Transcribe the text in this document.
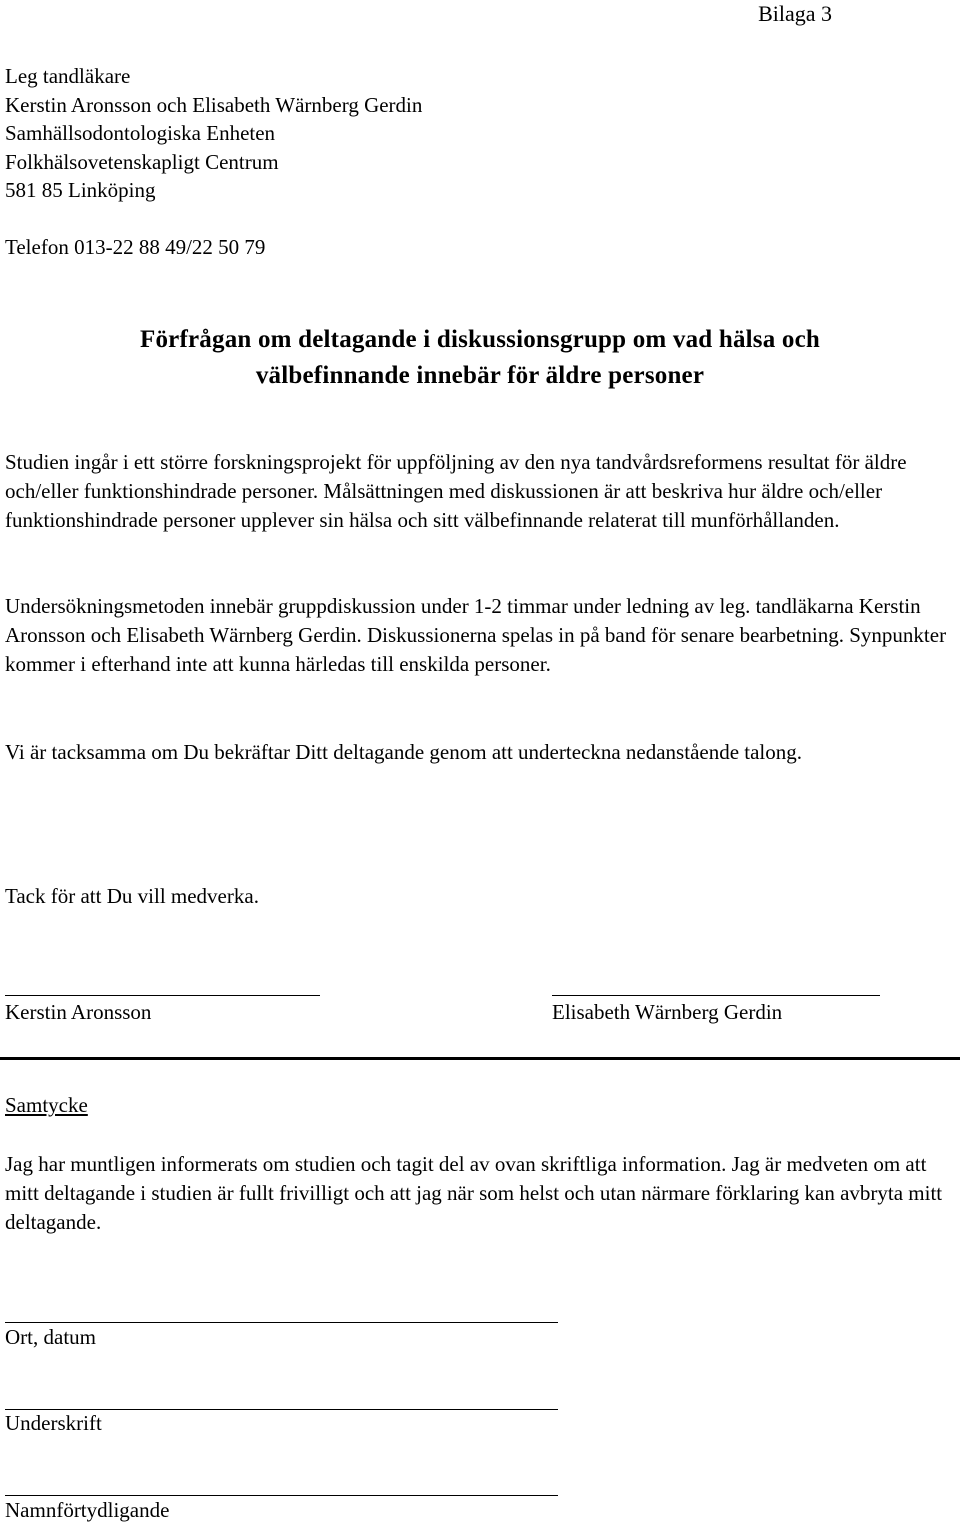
Bilaga 3
Leg tandläkare
Kerstin Aronsson och Elisabeth Wärnberg Gerdin
Samhällsodontologiska Enheten
Folkhälsovetenskapligt Centrum
581 85 Linköping
Telefon 013-22 88 49/22 50 79
Förfrågan om deltagande i diskussionsgrupp om vad hälsa och
välbefinnande innebär för äldre personer
Studien ingår i ett större forskningsprojekt för uppföljning av den nya tandvårdsreformens resultat för äldre och/eller funktionshindrade personer. Målsättningen med diskussionen är att beskriva hur äldre och/eller funktionshindrade personer upplever sin hälsa och sitt välbefinnande relaterat till munförhållanden.
Undersökningsmetoden innebär gruppdiskussion under 1-2 timmar under ledning av leg. tandläkarna Kerstin Aronsson och Elisabeth Wärnberg Gerdin. Diskussionerna spelas in på band för senare bearbetning. Synpunkter kommer i efterhand inte att kunna härledas till enskilda personer.
Vi är tacksamma om Du bekräftar Ditt deltagande genom att underteckna nedanstående talong.
Tack för att Du vill medverka.
Kerstin Aronsson	Elisabeth Wärnberg Gerdin
Samtycke
Jag har muntligen informerats om studien och tagit del av ovan skriftliga information. Jag är medveten om att mitt deltagande i studien är fullt frivilligt och att jag när som helst och utan närmare förklaring kan avbryta mitt deltagande.
Ort, datum
Underskrift
Namnförtydligande
